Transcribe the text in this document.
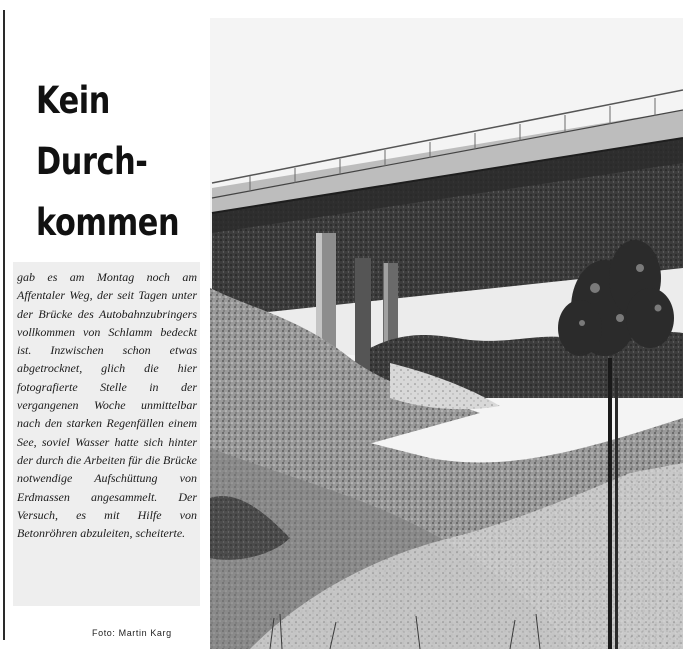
Kein
Durch-
kommen
gab es am Montag noch am Affentaler Weg, der seit Tagen unter der Brücke des Autobahnzubringers vollkommen von Schlamm bedeckt ist. Inzwischen schon etwas abgetrocknet, glich die hier fotografierte Stelle in der vergangenen Woche unmittelbar nach den starken Regenfällen einem See, soviel Wasser hatte sich hinter der durch die Arbeiten für die Brücke notwendige Aufschüttung von Erdmassen angesammelt. Der Versuch, es mit Hilfe von Betonröhren abzuleiten, scheiterte.
Foto: Martin Karg
